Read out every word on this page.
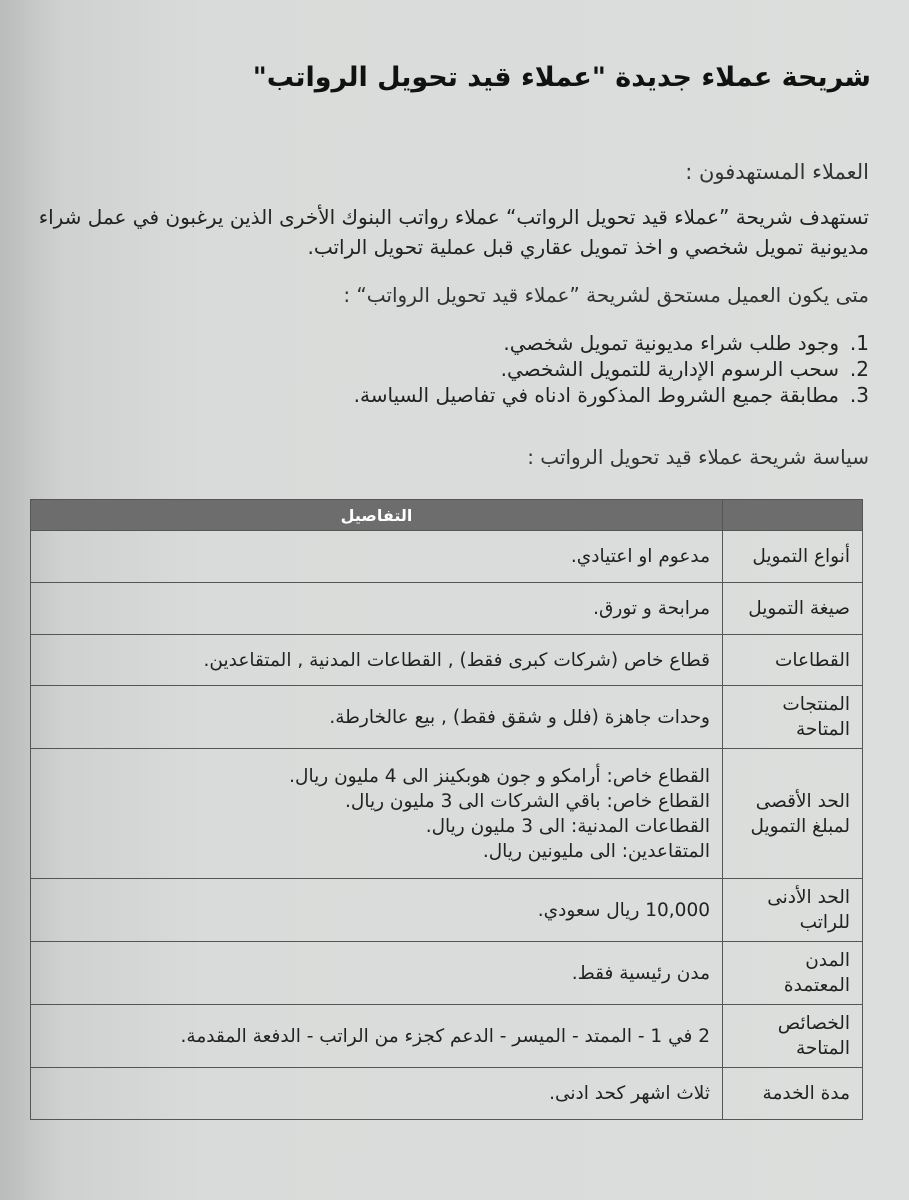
شريحة عملاء جديدة "عملاء قيد تحويل الرواتب"
العملاء المستهدفون :
تستهدف شريحة ”عملاء قيد تحويل الرواتب“ عملاء رواتب البنوك الأخرى الذين يرغبون في عمل شراء مديونية تمويل شخصي و اخذ تمويل عقاري قبل عملية تحويل الراتب.
متى يكون العميل مستحق لشريحة ”عملاء قيد تحويل الرواتب“ :
1.وجود طلب شراء مديونية تمويل شخصي.
2.سحب الرسوم الإدارية للتمويل الشخصي.
3.مطابقة جميع الشروط المذكورة ادناه في تفاصيل السياسة.
سياسة شريحة عملاء قيد تحويل الرواتب :
	التفاصيل
أنواع التمويل	مدعوم او اعتيادي.

صيغة التمويل	مرابحة و تورق.

القطاعات	قطاع خاص (شركات كبرى فقط) , القطاعات المدنية , المتقاعدين.

المنتجات المتاحة	وحدات جاهزة (فلل و شقق فقط) , بيع عالخارطة.

الحد الأقصى لمبلغ التمويل	القطاع خاص: أرامكو و جون هوبكينز الى 4 مليون ريال.
القطاع خاص: باقي الشركات الى 3 مليون ريال.
القطاعات المدنية: الى 3 مليون ريال.
المتقاعدين: الى مليونين ريال.

الحد الأدنى للراتب	10,000 ريال سعودي.

المدن المعتمدة	مدن رئيسية فقط.

الخصائص المتاحة	2 في 1 - الممتد - الميسر - الدعم كجزء من الراتب - الدفعة المقدمة.

مدة الخدمة	ثلاث اشهر كحد ادنى.
